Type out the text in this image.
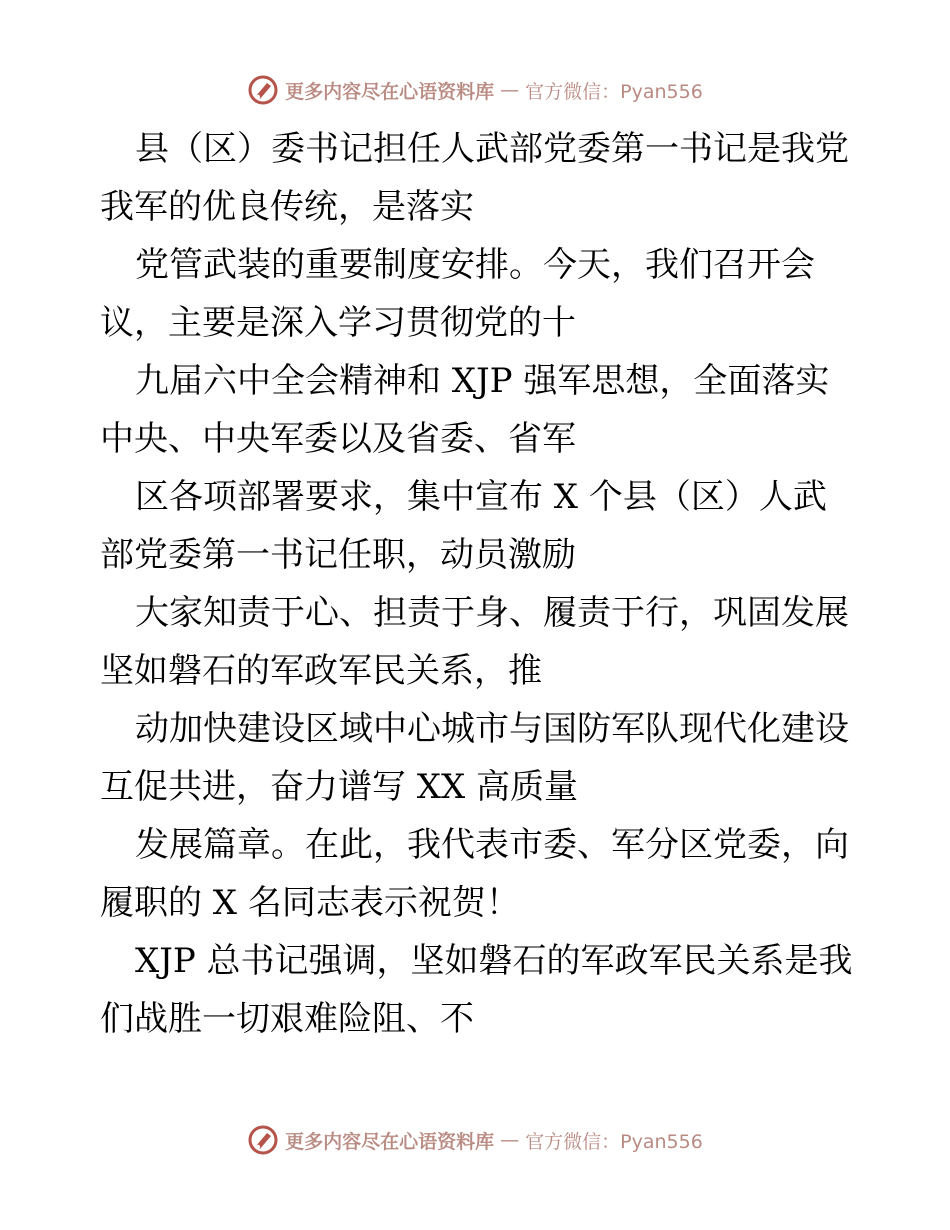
更多内容尽在心语资料库 — 官方微信：Pyan556

县（区）委书记担任人武部党委第一书记是我党我军的优良传统，是落实

党管武装的重要制度安排。今天，我们召开会议，主要是深入学习贯彻党的十

九届六中全会精神和 XJP 强军思想，全面落实中央、中央军委以及省委、省军

区各项部署要求，集中宣布 X 个县（区）人武部党委第一书记任职，动员激励

大家知责于心、担责于身、履责于行，巩固发展坚如磐石的军政军民关系，推

动加快建设区域中心城市与国防军队现代化建设互促共进，奋力谱写 XX 高质量

发展篇章。在此，我代表市委、军分区党委，向履职的 X 名同志表示祝贺！

XJP 总书记强调，坚如磐石的军政军民关系是我们战胜一切艰难险阻、不

更多内容尽在心语资料库 — 官方微信：Pyan556
